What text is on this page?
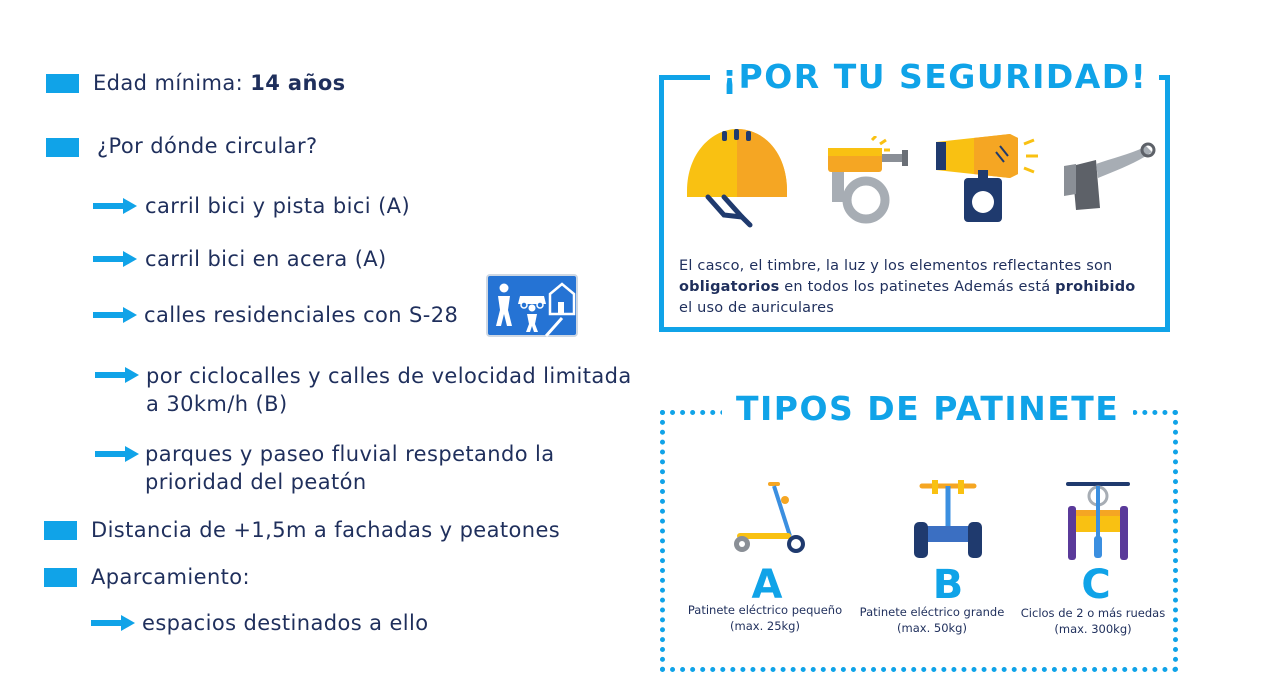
Edad mínima: 14 años
¿Por dónde circular?
carril bici y pista bici (A)
carril bici en acera (A)
calles residenciales con S-28
por ciclocalles y calles de velocidad limitada
a 30km/h (B)
parques y paseo fluvial respetando la
prioridad del peatón
Distancia de +1,5m a fachadas y peatones
Aparcamiento:
espacios destinados a ello
¡POR TU SEGURIDAD!
El casco, el timbre, la luz y los elementos reflectantes son
obligatorios en todos los patinetes Además está prohibido
el uso de auriculares
TIPOS DE PATINETE
A	B	C
Patinete eléctrico pequeño
(max. 25kg)
Patinete eléctrico grande
(max. 50kg)
Ciclos de 2 o más ruedas
(max. 300kg)
